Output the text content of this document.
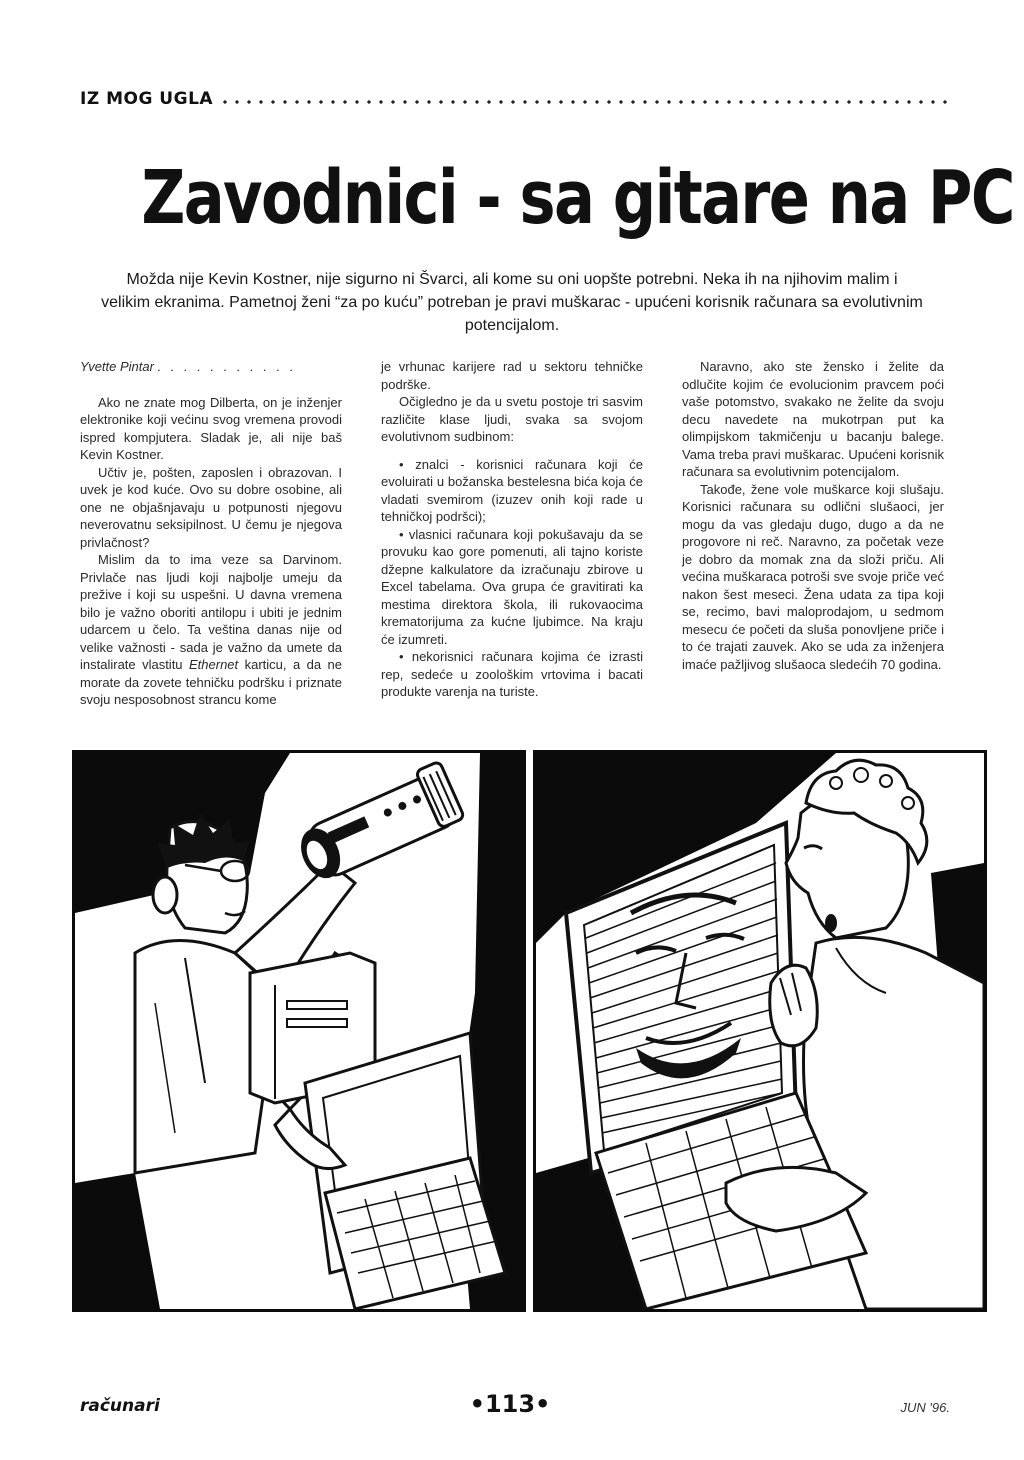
IZ MOG UGLA
Zavodnici - sa gitare na PC

Možda nije Kevin Kostner, nije sigurno ni Švarci, ali kome su oni uopšte potrebni. Neka ih na njihovim malim i velikim ekranima. Pametnoj ženi “za po kuću” potreban je pravi muškarac - upućeni korisnik računara sa evolutivnim potencijalom.

Yvette Pintar . . . . . . . . . . .

Ako ne znate mog Dilberta, on je inženjer elektronike koji većinu svog vremena provodi ispred kompjutera. Sladak je, ali nije baš Kevin Kostner.

Učtiv je, pošten, zaposlen i obrazovan. I uvek je kod kuće. Ovo su dobre osobine, ali one ne objašnjavaju u potpunosti njegovu neverovatnu seksipilnost. U čemu je njegova privlačnost?

Mislim da to ima veze sa Darvinom. Privlače nas ljudi koji najbolje umeju da prežive i koji su uspešni. U davna vremena bilo je važno oboriti antilopu i ubiti je jednim udarcem u čelo. Ta veština danas nije od velike važnosti - sada je važno da umete da instalirate vlastitu Ethernet karticu, a da ne morate da zovete tehničku podršku i priznate svoju nesposobnost strancu kome

je vrhunac karijere rad u sektoru tehničke podrške.

Očigledno je da u svetu postoje tri sasvim različite klase ljudi, svaka sa svojom evolutivnom sudbinom:

• znalci - korisnici računara koji će evoluirati u božanska bestelesna bića koja će vladati svemirom (izuzev onih koji rade u tehničkoj podršci);

• vlasnici računara koji pokušavaju da se provuku kao gore pomenuti, ali tajno koriste džepne kalkulatore da izračunaju zbirove u Excel tabelama. Ova grupa će gravitirati ka mestima direktora škola, ili rukovaocima krematorijuma za kućne ljubimce. Na kraju će izumreti.

• nekorisnici računara kojima će izrasti rep, sedeće u zoološkim vrtovima i bacati produkte varenja na turiste.

Naravno, ako ste žensko i želite da odlučite kojim će evolucionim pravcem poći vaše potomstvo, svakako ne želite da svoju decu navedete na mukotrpan put ka olimpijskom takmičenju u bacanju balege. Vama treba pravi muškarac. Upućeni korisnik računara sa evolutivnim potencijalom.

Takođe, žene vole muškarce koji slušaju. Korisnici računara su odlični slušaoci, jer mogu da vas gledaju dugo, dugo a da ne progovore ni reč. Naravno, za početak veze je dobro da momak zna da složi priču. Ali većina muškaraca potroši sve svoje priče već nakon šest meseci. Žena udata za tipa koji se, recimo, bavi maloprodajom, u sedmom mesecu će početi da sluša ponovljene priče i to će trajati zauvek. Ako se uda za inženjera imaće pažljivog slušaoca sledećih 70 godina.

računari	•113•	JUN '96.
